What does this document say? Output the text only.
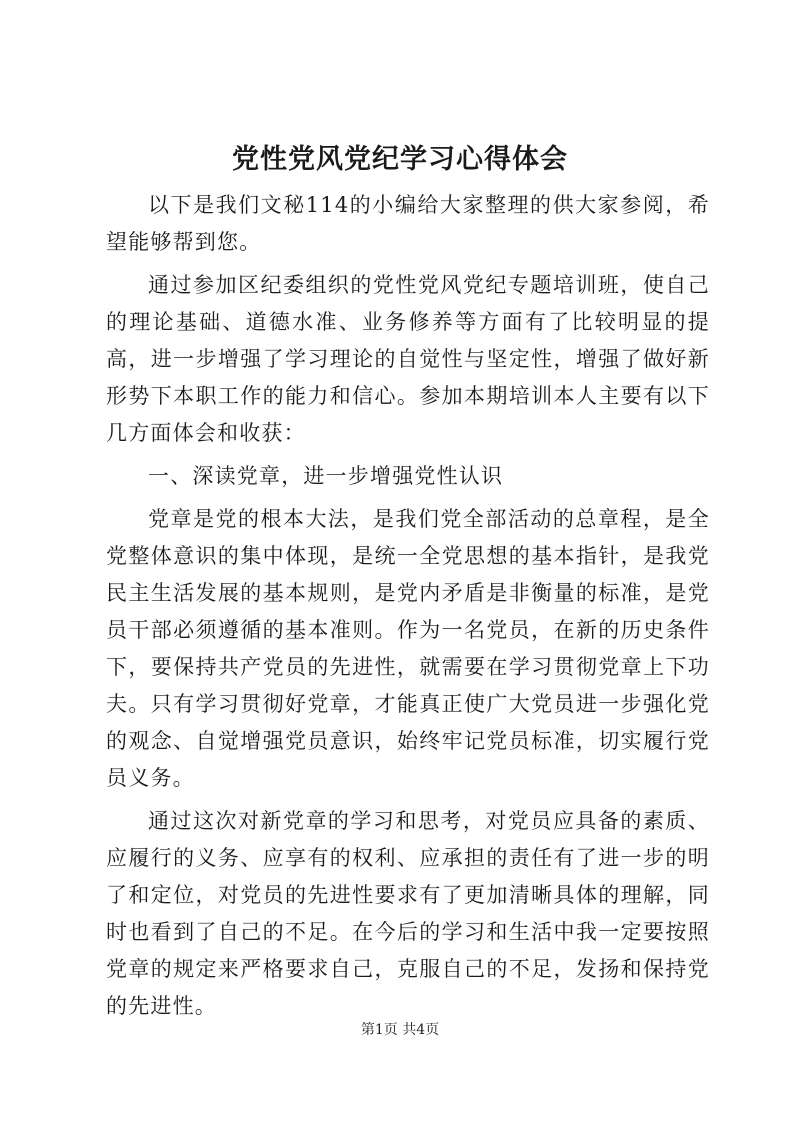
党性党风党纪学习心得体会

以下是我们文秘114的小编给大家整理的供大家参阅，希望能够帮到您。

通过参加区纪委组织的党性党风党纪专题培训班，使自己的理论基础、道德水准、业务修养等方面有了比较明显的提高，进一步增强了学习理论的自觉性与坚定性，增强了做好新形势下本职工作的能力和信心。参加本期培训本人主要有以下几方面体会和收获：

一、深读党章，进一步增强党性认识

党章是党的根本大法，是我们党全部活动的总章程，是全党整体意识的集中体现，是统一全党思想的基本指针，是我党民主生活发展的基本规则，是党内矛盾是非衡量的标准，是党员干部必须遵循的基本准则。作为一名党员，在新的历史条件下，要保持共产党员的先进性，就需要在学习贯彻党章上下功夫。只有学习贯彻好党章，才能真正使广大党员进一步强化党的观念、自觉增强党员意识，始终牢记党员标准，切实履行党员义务。

通过这次对新党章的学习和思考，对党员应具备的素质、应履行的义务、应享有的权利、应承担的责任有了进一步的明了和定位，对党员的先进性要求有了更加清晰具体的理解，同时也看到了自己的不足。在今后的学习和生活中我一定要按照党章的规定来严格要求自己，克服自己的不足，发扬和保持党的先进性。

第1页 共4页
